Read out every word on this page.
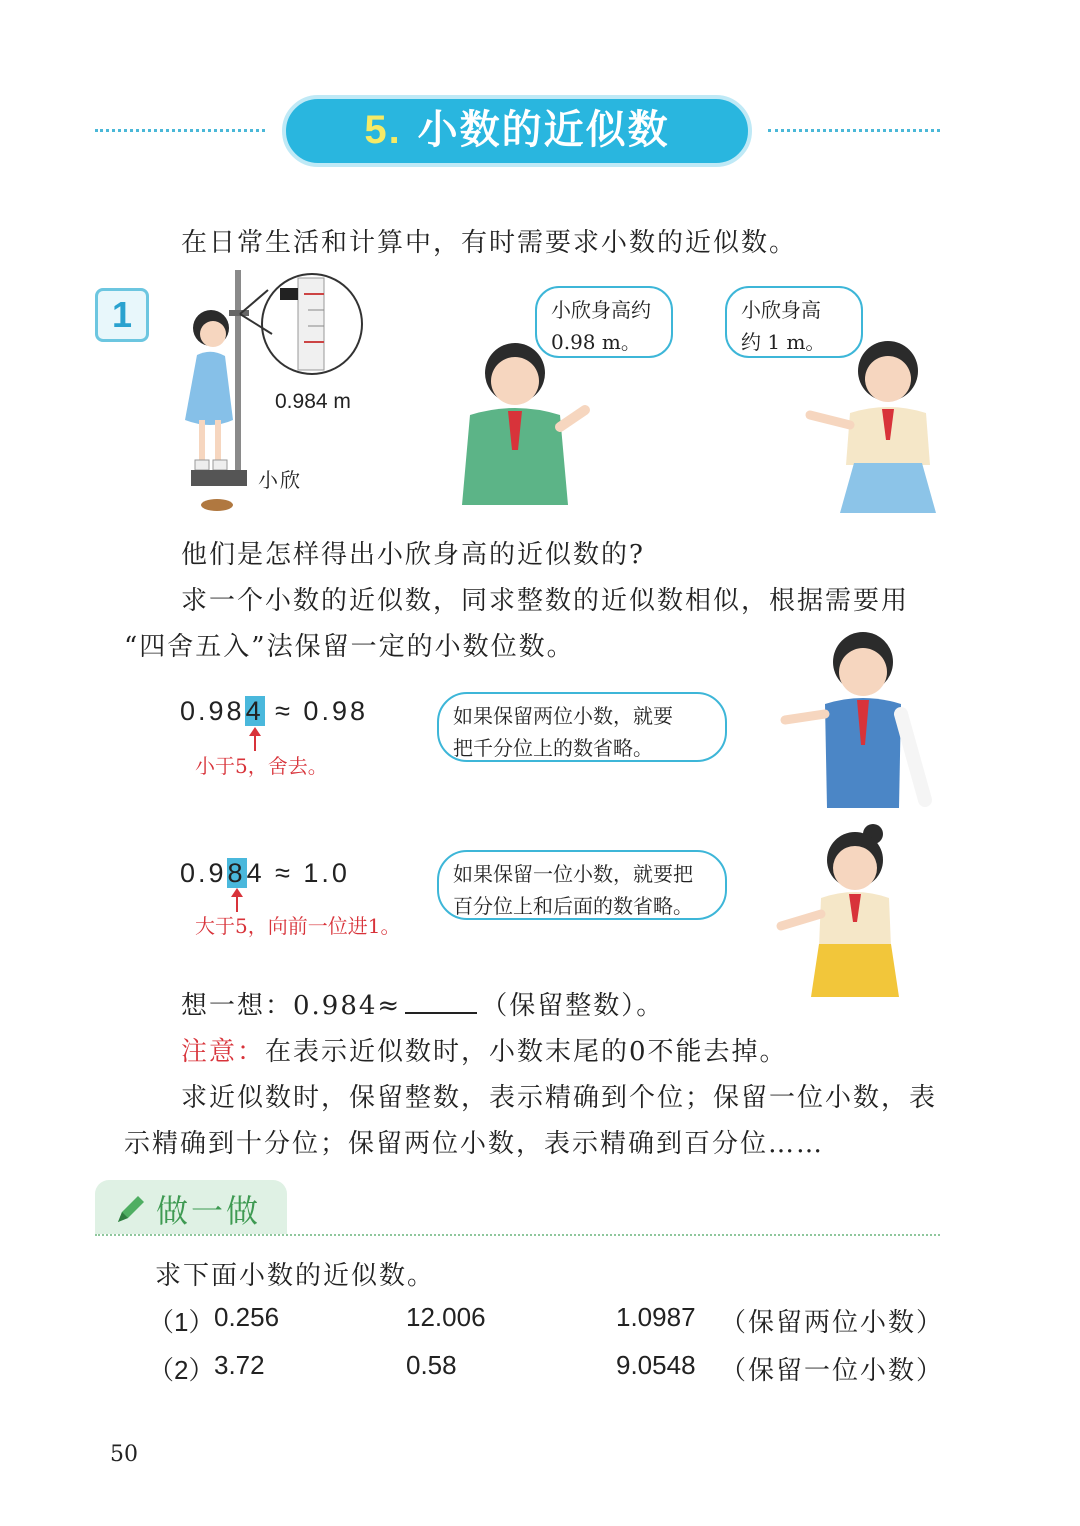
5. 小数的近似数
在日常生活和计算中，有时需要求小数的近似数。
1
0.984 m
小欣
小欣身高约
0.98 m。
小欣身高
约 1 m。
他们是怎样得出小欣身高的近似数的?
求一个小数的近似数，同求整数的近似数相似，根据需要用
“四舍五入”法保留一定的小数位数。
0.984 ≈ 0.98
小于5，舍去。
如果保留两位小数，就要
把千分位上的数省略。
0.984 ≈ 1.0
大于5，向前一位进1。
如果保留一位小数，就要把
百分位上和后面的数省略。
想一想：0.984≈	（保留整数）。
注意：在表示近似数时，小数末尾的0不能去掉。
求近似数时，保留整数，表示精确到个位；保留一位小数，表
示精确到十分位；保留两位小数，表示精确到百分位……
做一做
求下面小数的近似数。
（1） 0.256	12.006	1.0987 （保留两位小数）
（2） 3.72	0.58	9.0548 （保留一位小数）
50
